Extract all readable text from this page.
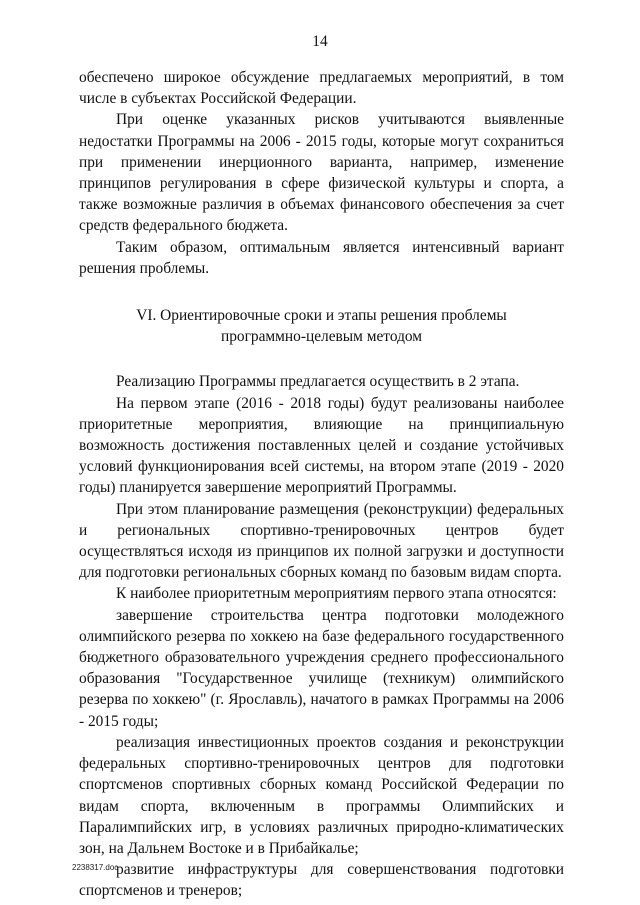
14

обеспечено широкое обсуждение предлагаемых мероприятий, в том числе в субъектах Российской Федерации.

При оценке указанных рисков учитываются выявленные недостатки Программы на 2006 - 2015 годы, которые могут сохраниться при применении инерционного варианта, например, изменение принципов регулирования в сфере физической культуры и спорта, а также возможные различия в объемах финансового обеспечения за счет средств федерального бюджета.

Таким образом, оптимальным является интенсивный вариант решения проблемы.

VI. Ориентировочные сроки и этапы решения проблемы
программно-целевым методом

Реализацию Программы предлагается осуществить в 2 этапа.

На первом этапе (2016 - 2018 годы) будут реализованы наиболее приоритетные мероприятия, влияющие на принципиальную возможность достижения поставленных целей и создание устойчивых условий функционирования всей системы, на втором этапе (2019 - 2020 годы) планируется завершение мероприятий Программы.

При этом планирование размещения (реконструкции) федеральных и региональных спортивно-тренировочных центров будет осуществляться исходя из принципов их полной загрузки и доступности для подготовки региональных сборных команд по базовым видам спорта.

К наиболее приоритетным мероприятиям первого этапа относятся:

завершение строительства центра подготовки молодежного олимпийского резерва по хоккею на базе федерального государственного бюджетного образовательного учреждения среднего профессионального образования "Государственное училище (техникум) олимпийского резерва по хоккею" (г. Ярославль), начатого в рамках Программы на 2006 - 2015 годы;

реализация инвестиционных проектов создания и реконструкции федеральных спортивно-тренировочных центров для подготовки спортсменов спортивных сборных команд Российской Федерации по видам спорта, включенным в программы Олимпийских и Паралимпийских игр, в условиях различных природно-климатических зон, на Дальнем Востоке и в Прибайкалье;

развитие инфраструктуры для совершенствования подготовки спортсменов и тренеров;

2238317.doc
